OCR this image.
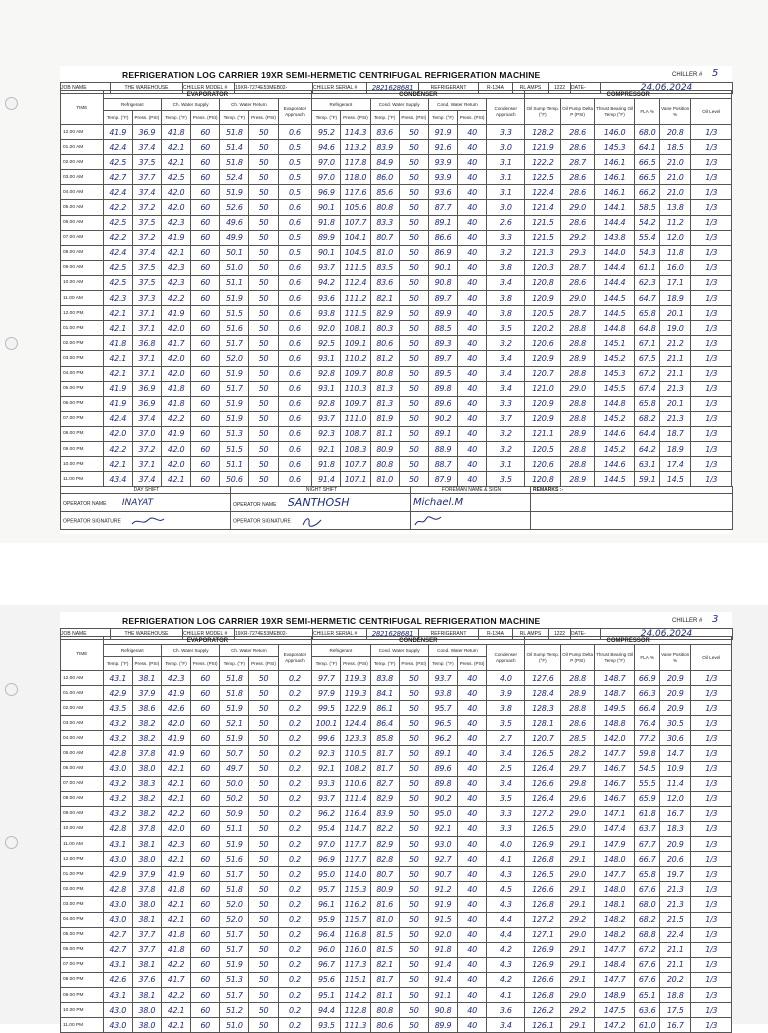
REFRIGERATION LOG CARRIER 19XR SEMI-HERMETIC CENTRIFUGAL REFRIGERATION MACHINE	CHILLER # 5
JOB NAME	THE WAREHOUSE	CHILLER MODEL #	19XR-7274E53MEB02-	CHILLER SERIAL #	2821628681	REFRIGERANT	R-134A	RL AMPS	1222	DATE-	24.06.2024
TIME	EVAPORATOR							CONDENSER							COMPRESSOR					
	Refrigerant		Ch. Water Supply		Ch. Water Return		Evaporator Approach	Refrigerant		Cond. Water Supply		Cond. Water Return		Condenser Approach	Oil Sump Temp. (°F)	Oil Pump Delta P (PSI)	Thrust Bearing Oil Temp (°F)	FLA %	Vane Position %	Oil Level
	Temp. (°F)	Press. (PSI)	Temp. (°F)	Press. (PSI)	Temp. (°F)	Press. (PSI)		Temp. (°F)	Press. (PSI)	Temp. (°F)	Press. (PSI)	Temp. (°F)	Press. (PSI)							
12.00 AM	41.9	36.9	41.8	60	51.8	50	0.6	95.2	114.3	83.6	50	91.9	40	3.3	128.2	28.6	146.0	68.0	20.8	1/3
01.00 AM	42.4	37.4	42.1	60	51.4	50	0.5	94.6	113.2	83.9	50	91.6	40	3.0	121.9	28.6	145.3	64.1	18.5	1/3
02.00 AM	42.5	37.5	42.1	60	51.8	50	0.5	97.0	117.8	84.9	50	93.9	40	3.1	122.2	28.7	146.1	66.5	21.0	1/3
03.00 AM	42.7	37.7	42.5	60	52.4	50	0.5	97.0	118.0	86.0	50	93.9	40	3.1	122.5	28.6	146.1	66.5	21.0	1/3
04.00 AM	42.4	37.4	42.0	60	51.9	50	0.5	96.9	117.6	85.6	50	93.6	40	3.1	122.4	28.6	146.1	66.2	21.0	1/3
05.00 AM	42.2	37.2	42.0	60	52.6	50	0.6	90.1	105.6	80.8	50	87.7	40	3.0	121.4	29.0	144.1	58.5	13.8	1/3
06.00 AM	42.5	37.5	42.3	60	49.6	50	0.6	91.8	107.7	83.3	50	89.1	40	2.6	121.5	28.6	144.4	54.2	11.2	1/3
07.00 AM	42.2	37.2	41.9	60	49.9	50	0.5	89.9	104.1	80.7	50	86.6	40	3.3	121.5	29.2	143.8	55.4	12.0	1/3
08.00 AM	42.4	37.4	42.1	60	50.1	50	0.5	90.1	104.5	81.0	50	86.9	40	3.2	121.3	29.3	144.0	54.3	11.8	1/3
09.00 AM	42.5	37.5	42.3	60	51.0	50	0.6	93.7	111.5	83.5	50	90.1	40	3.8	120.3	28.7	144.4	61.1	16.0	1/3
10.00 AM	42.5	37.5	42.3	60	51.1	50	0.6	94.2	112.4	83.6	50	90.8	40	3.4	120.8	28.6	144.4	62.3	17.1	1/3
11.00 AM	42.3	37.3	42.2	60	51.9	50	0.6	93.6	111.2	82.1	50	89.7	40	3.8	120.9	29.0	144.5	64.7	18.9	1/3
12.00 PM	42.1	37.1	41.9	60	51.5	50	0.6	93.8	111.5	82.9	50	89.9	40	3.8	120.5	28.7	144.5	65.8	20.1	1/3
01.00 PM	42.1	37.1	42.0	60	51.6	50	0.6	92.0	108.1	80.3	50	88.5	40	3.5	120.2	28.8	144.8	64.8	19.0	1/3
02.00 PM	41.8	36.8	41.7	60	51.7	50	0.6	92.5	109.1	80.6	50	89.3	40	3.2	120.6	28.8	145.1	67.1	21.2	1/3
03.00 PM	42.1	37.1	42.0	60	52.0	50	0.6	93.1	110.2	81.2	50	89.7	40	3.4	120.9	28.9	145.2	67.5	21.1	1/3
04.00 PM	42.1	37.1	42.0	60	51.9	50	0.6	92.8	109.7	80.8	50	89.5	40	3.4	120.7	28.8	145.3	67.2	21.1	1/3
05.00 PM	41.9	36.9	41.8	60	51.7	50	0.6	93.1	110.3	81.3	50	89.8	40	3.4	121.0	29.0	145.5	67.4	21.3	1/3
06.00 PM	41.9	36.9	41.8	60	51.9	50	0.6	92.8	109.7	81.3	50	89.6	40	3.3	120.9	28.8	144.8	65.8	20.1	1/3
07.00 PM	42.4	37.4	42.2	60	51.9	50	0.6	93.7	111.0	81.9	50	90.2	40	3.7	120.9	28.8	145.2	68.2	21.3	1/3
08.00 PM	42.0	37.0	41.9	60	51.3	50	0.6	92.3	108.7	81.1	50	89.1	40	3.2	121.1	28.9	144.6	64.4	18.7	1/3
09.00 PM	42.2	37.2	42.0	60	51.5	50	0.6	92.1	108.3	80.9	50	88.9	40	3.2	120.5	28.8	145.2	64.2	18.9	1/3
10.00 PM	42.1	37.1	42.0	60	51.1	50	0.6	91.8	107.7	80.8	50	88.7	40	3.1	120.6	28.8	144.6	63.1	17.4	1/3
11.00 PM	43.4	37.4	42.1	60	50.6	50	0.6	91.4	107.1	81.0	50	87.9	40	3.5	120.8	28.9	144.5	59.1	14.5	1/3
DAY SHIFT	NIGHT SHIFT	FOREMAN NAME & SIGN	REMARKS :-
OPERATOR NAME INAYAT	OPERATOR NAME SANTHOSH	Michael.M	
OPERATOR SIGNATURE	OPERATOR SIGNATURE		
REFRIGERATION LOG CARRIER 19XR SEMI-HERMETIC CENTRIFUGAL REFRIGERATION MACHINE	CHILLER # 3
JOB NAME	THE WAREHOUSE	CHILLER MODEL #	19XR-7274E53MEB02-	CHILLER SERIAL #	2821628681	REFRIGERANT	R-134A	RL AMPS	1222	DATE-	24.06.2024
TIME	EVAPORATOR							CONDENSER							COMPRESSOR					
	Refrigerant		Ch. Water Supply		Ch. Water Return		Evaporator Approach	Refrigerant		Cond. Water Supply		Cond. Water Return		Condenser Approach	Oil Sump Temp. (°F)	Oil Pump Delta P (PSI)	Thrust Bearing Oil Temp (°F)	FLA %	Vane Position %	Oil Level
	Temp. (°F)	Press. (PSI)	Temp. (°F)	Press. (PSI)	Temp. (°F)	Press. (PSI)		Temp. (°F)	Press. (PSI)	Temp. (°F)	Press. (PSI)	Temp. (°F)	Press. (PSI)							
12.00 AM	43.1	38.1	42.3	60	51.8	50	0.2	97.7	119.3	83.8	50	93.7	40	4.0	127.6	28.8	148.7	66.9	20.9	1/3
01.00 AM	42.9	37.9	41.9	60	51.8	50	0.2	97.9	119.3	84.1	50	93.8	40	3.9	128.4	28.9	148.7	66.3	20.9	1/3
02.00 AM	43.5	38.6	42.6	60	51.9	50	0.2	99.5	122.9	86.1	50	95.7	40	3.8	128.3	28.8	149.5	66.4	20.9	1/3
03.00 AM	43.2	38.2	42.0	60	52.1	50	0.2	100.1	124.4	86.4	50	96.5	40	3.5	128.1	28.6	148.8	76.4	30.5	1/3
04.00 AM	43.2	38.2	41.9	60	51.9	50	0.2	99.6	123.3	85.8	50	96.2	40	2.7	120.7	28.5	142.0	77.2	30.6	1/3
05.00 AM	42.8	37.8	41.9	60	50.7	50	0.2	92.3	110.5	81.7	50	89.1	40	3.4	126.5	28.2	147.7	59.8	14.7	1/3
06.00 AM	43.0	38.0	42.1	60	49.7	50	0.2	92.1	108.2	81.7	50	89.6	40	2.5	126.4	29.7	146.7	54.5	10.9	1/3
07.00 AM	43.2	38.3	42.1	60	50.0	50	0.2	93.3	110.6	82.7	50	89.8	40	3.4	126.6	29.8	146.7	55.5	11.4	1/3
08.00 AM	43.2	38.2	42.1	60	50.2	50	0.2	93.7	111.4	82.9	50	90.2	40	3.5	126.4	29.6	146.7	65.9	12.0	1/3
09.00 AM	43.2	38.2	42.2	60	50.9	50	0.2	96.2	116.4	83.9	50	95.0	40	3.3	127.2	29.0	147.1	61.8	16.7	1/3
10.00 AM	42.8	37.8	42.0	60	51.1	50	0.2	95.4	114.7	82.2	50	92.1	40	3.3	126.5	29.0	147.4	63.7	18.3	1/3
11.00 AM	43.1	38.1	42.3	60	51.9	50	0.2	97.0	117.7	82.9	50	93.0	40	4.0	126.9	29.1	147.9	67.7	20.9	1/3
12.00 PM	43.0	38.0	42.1	60	51.6	50	0.2	96.9	117.7	82.8	50	92.7	40	4.1	126.8	29.1	148.0	66.7	20.6	1/3
01.00 PM	42.9	37.9	41.9	60	51.7	50	0.2	95.0	114.0	80.7	50	90.7	40	4.3	126.5	29.0	147.7	65.8	19.7	1/3
02.00 PM	42.8	37.8	41.8	60	51.8	50	0.2	95.7	115.3	80.9	50	91.2	40	4.5	126.6	29.1	148.0	67.6	21.3	1/3
03.00 PM	43.0	38.0	42.1	60	52.0	50	0.2	96.1	116.2	81.6	50	91.9	40	4.3	126.8	29.1	148.1	68.0	21.3	1/3
04.00 PM	43.0	38.1	42.1	60	52.0	50	0.2	95.9	115.7	81.0	50	91.5	40	4.4	127.2	29.2	148.2	68.2	21.5	1/3
05.00 PM	42.7	37.7	41.8	60	51.7	50	0.2	96.4	116.8	81.5	50	92.0	40	4.4	127.1	29.0	148.2	68.8	22.4	1/3
06.00 PM	42.7	37.7	41.8	60	51.7	50	0.2	96.0	116.0	81.5	50	91.8	40	4.2	126.9	29.1	147.7	67.2	21.1	1/3
07.00 PM	43.1	38.1	42.2	60	51.9	50	0.2	96.7	117.3	82.1	50	91.4	40	4.3	126.9	29.1	148.4	67.6	21.1	1/3
08.00 PM	42.6	37.6	41.7	60	51.3	50	0.2	95.6	115.1	81.7	50	91.4	40	4.2	126.6	29.1	147.7	67.6	20.2	1/3
09.00 PM	43.1	38.1	42.2	60	51.7	50	0.2	95.1	114.2	81.1	50	91.1	40	4.1	126.8	29.0	148.9	65.1	18.8	1/3
10.00 PM	43.0	38.0	42.1	60	51.2	50	0.2	94.4	112.8	80.8	50	90.8	40	3.6	126.2	29.2	147.5	63.6	17.5	1/3
11.00 PM	43.0	38.0	42.1	60	51.0	50	0.2	93.5	111.3	80.6	50	89.9	40	3.4	126.1	29.1	147.2	61.0	16.7	1/3
